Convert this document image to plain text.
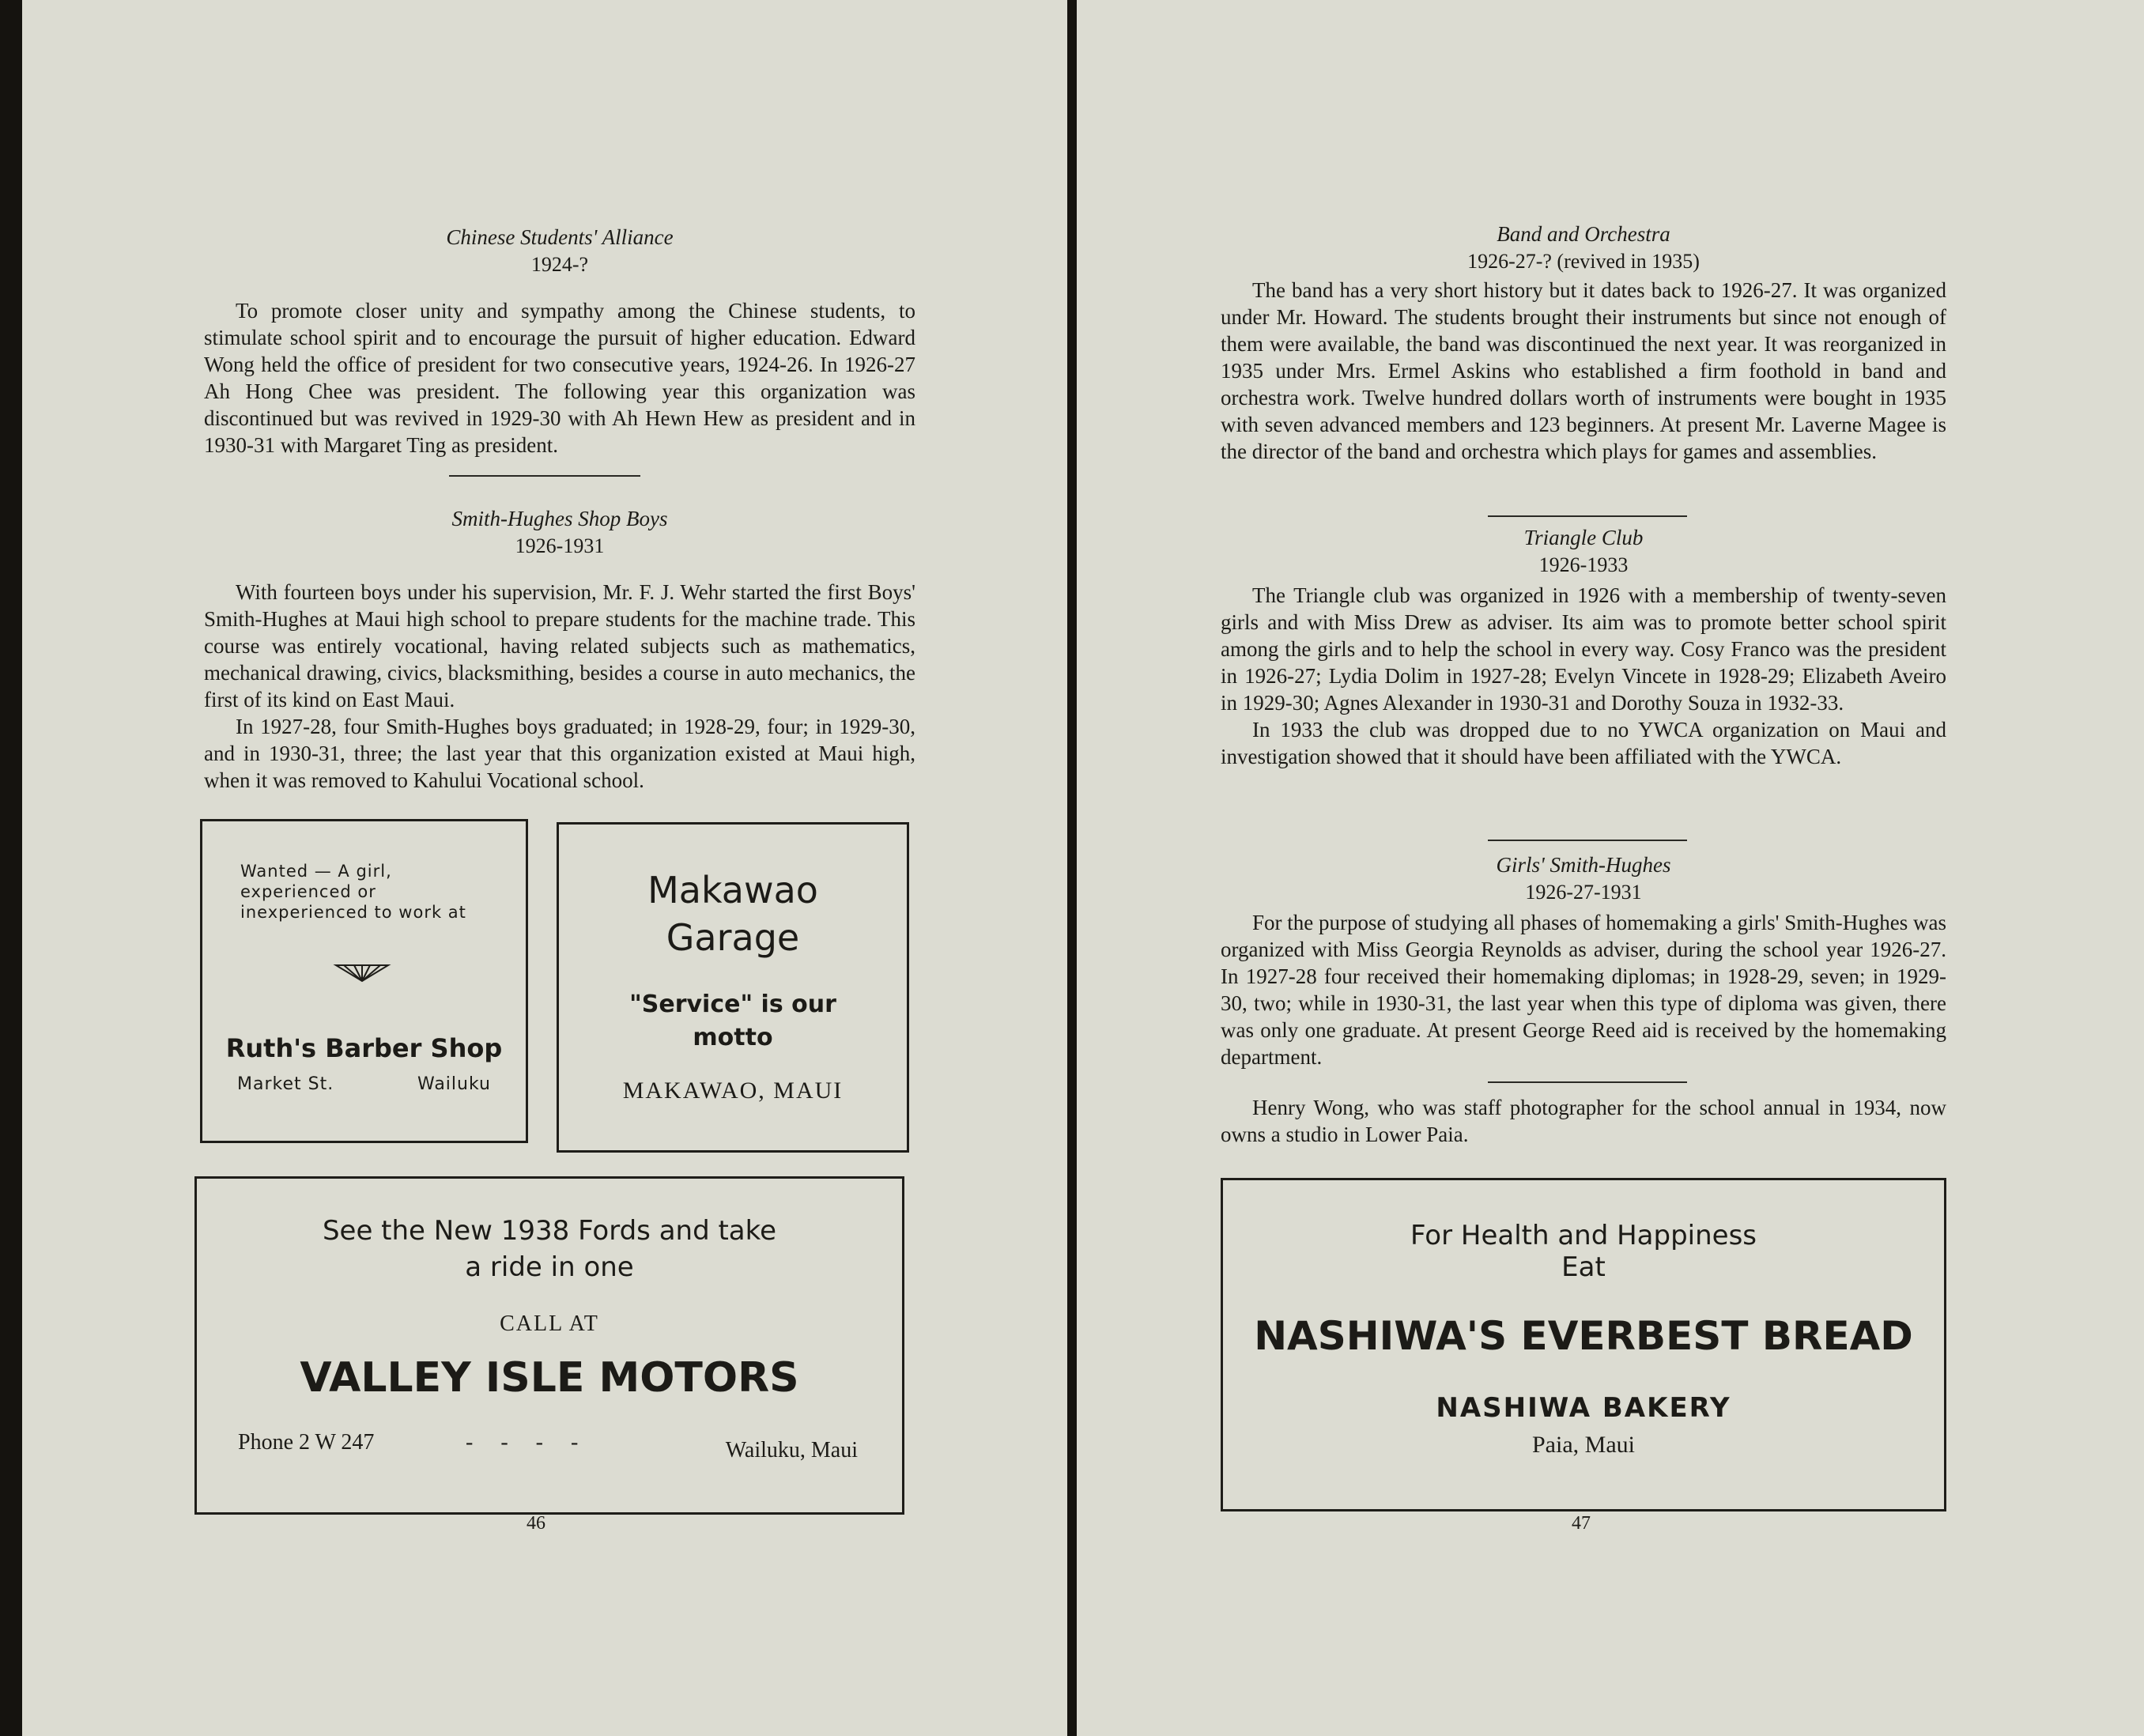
Chinese Students' Alliance
1924-?

To promote closer unity and sympathy among the Chinese students, to stimulate school spirit and to encourage the pursuit of higher education. Edward Wong held the office of president for two consecutive years, 1924-26. In 1926-27 Ah Hong Chee was president. The following year this organization was discontinued but was revived in 1929-30 with Ah Hewn Hew as president and in 1930-31 with Margaret Ting as president.

Smith-Hughes Shop Boys
1926-1931

With fourteen boys under his supervision, Mr. F. J. Wehr started the first Boys' Smith-Hughes at Maui high school to prepare students for the machine trade. This course was entirely vocational, having related subjects such as mathematics, mechanical drawing, civics, blacksmithing, besides a course in auto mechanics, the first of its kind on East Maui.

In 1927-28, four Smith-Hughes boys graduated; in 1928-29, four; in 1929-30, and in 1930-31, three; the last year that this organization existed at Maui high, when it was removed to Kahului Vocational school.

Wanted — A girl, experienced or inexperienced to work at
Ruth's Barber Shop
Market St.	Wailuku
Makawao
Garage
"Service" is our
motto
MAKAWAO, MAUI
See the New 1938 Fords and take
a ride in one
CALL AT
VALLEY ISLE MOTORS
Phone 2 W 247	-     -     -     -	Wailuku, Maui
46
Band and Orchestra
1926-27-? (revived in 1935)

The band has a very short history but it dates back to 1926-27. It was organized under Mr. Howard. The students brought their instruments but since not enough of them were available, the band was discontinued the next year. It was reorganized in 1935 under Mrs. Ermel Askins who established a firm foothold in band and orchestra work. Twelve hundred dollars worth of instruments were bought in 1935 with seven advanced members and 123 beginners. At present Mr. Laverne Magee is the director of the band and orchestra which plays for games and assemblies.

Triangle Club
1926-1933

The Triangle club was organized in 1926 with a membership of twenty-seven girls and with Miss Drew as adviser. Its aim was to promote better school spirit among the girls and to help the school in every way. Cosy Franco was the president in 1926-27; Lydia Dolim in 1927-28; Evelyn Vincete in 1928-29; Elizabeth Aveiro in 1929-30; Agnes Alexander in 1930-31 and Dorothy Souza in 1932-33.

In 1933 the club was dropped due to no YWCA organization on Maui and investigation showed that it should have been affiliated with the YWCA.

Girls' Smith-Hughes
1926-27-1931

For the purpose of studying all phases of homemaking a girls' Smith-Hughes was organized with Miss Georgia Reynolds as adviser, during the school year 1926-27. In 1927-28 four received their homemaking diplomas; in 1928-29, seven; in 1929-30, two; while in 1930-31, the last year when this type of diploma was given, there was only one graduate. At present George Reed aid is received by the homemaking department.

Henry Wong, who was staff photographer for the school annual in 1934, now owns a studio in Lower Paia.

For Health and Happiness
Eat
NASHIWA'S EVERBEST BREAD
NASHIWA BAKERY
Paia, Maui
47
